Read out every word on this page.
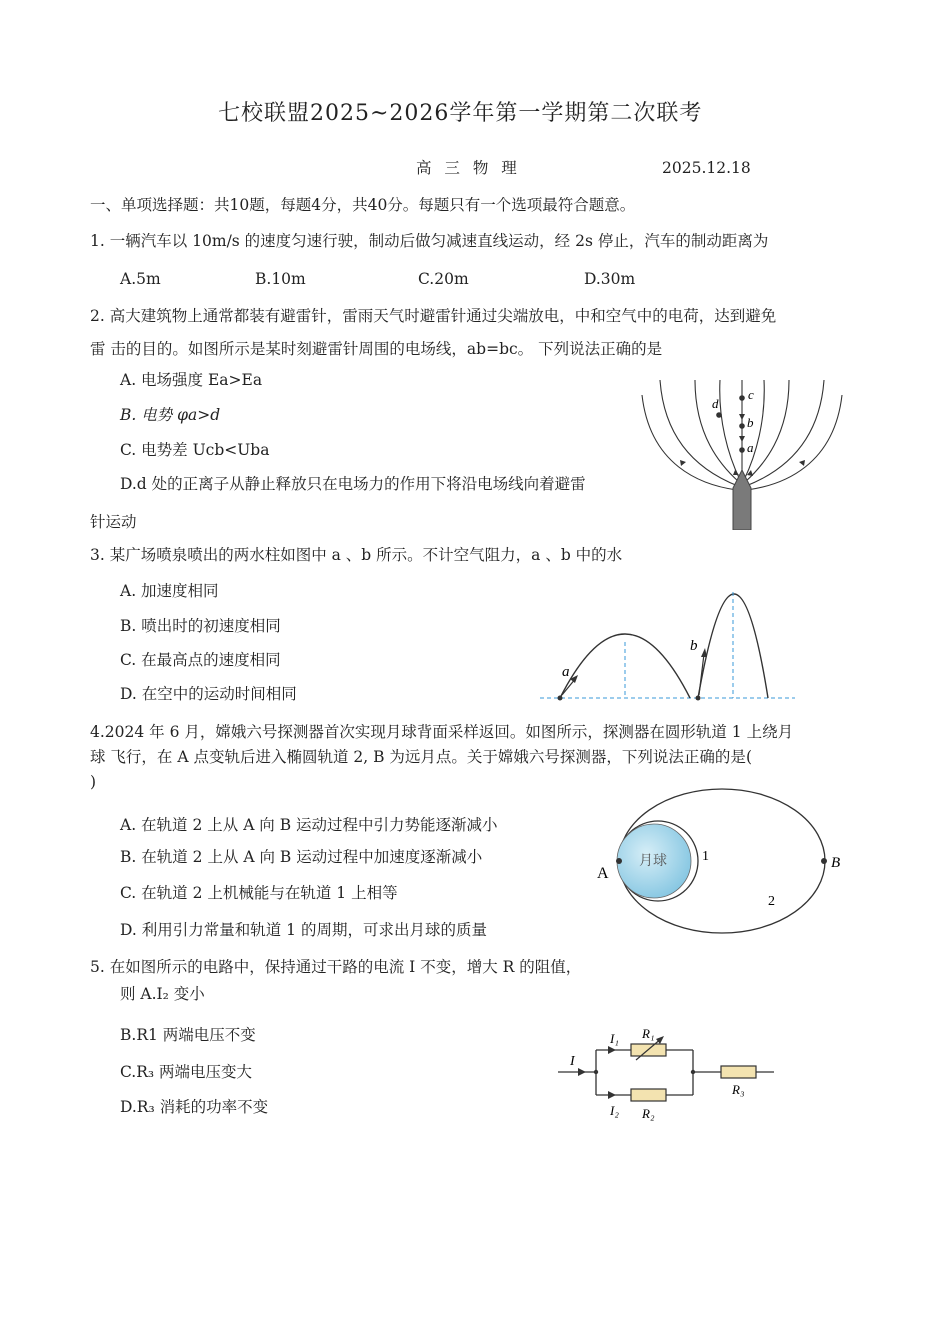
七校联盟2025~2026学年第一学期第二次联考
高 三 物 理	2025.12.18
一、单项选择题：共10题，每题4分，共40分。每题只有一个选项最符合题意。
1. 一辆汽车以 10m/s 的速度匀速行驶，制动后做匀减速直线运动，经 2s 停止，汽车的制动距离为
A.5m	B.10m	C.20m	D.30m
2. 高大建筑物上通常都装有避雷针，雷雨天气时避雷针通过尖端放电，中和空气中的电荷，达到避免
雷 击的目的。如图所示是某时刻避雷针周围的电场线，ab=bc。 下列说法正确的是
A. 电场强度 Ea>Ea
B. 电势 φa>d
C. 电势差 Ucb<Uba
D.d 处的正离子从静止释放只在电场力的作用下将沿电场线向着避雷
针运动
c
d
b
a
3. 某广场喷泉喷出的两水柱如图中 a 、b 所示。不计空气阻力，a 、b 中的水
A. 加速度相同
B. 喷出时的初速度相同
C. 在最高点的速度相同
D. 在空中的运动时间相同
a
b
4.2024 年 6 月，嫦娥六号探测器首次实现月球背面采样返回。如图所示，探测器在圆形轨道 1 上绕月
球 飞行，在 A 点变轨后进入椭圆轨道 2, B 为远月点。关于嫦娥六号探测器，下列说法正确的是(
)
A. 在轨道 2 上从 A 向 B 运动过程中引力势能逐渐减小
B. 在轨道 2 上从 A 向 B 运动过程中加速度逐渐减小
C. 在轨道 2 上机械能与在轨道 1 上相等
D. 利用引力常量和轨道 1 的周期，可求出月球的质量
月球
A
B
1
2
5. 在如图所示的电路中，保持通过干路的电流 I 不变，增大 R 的阻值，
则 A.I₂ 变小
B.R1 两端电压不变
C.R₃ 两端电压变大
D.R₃ 消耗的功率不变
I
I₁
I₂
R₁
R₂
R₃
